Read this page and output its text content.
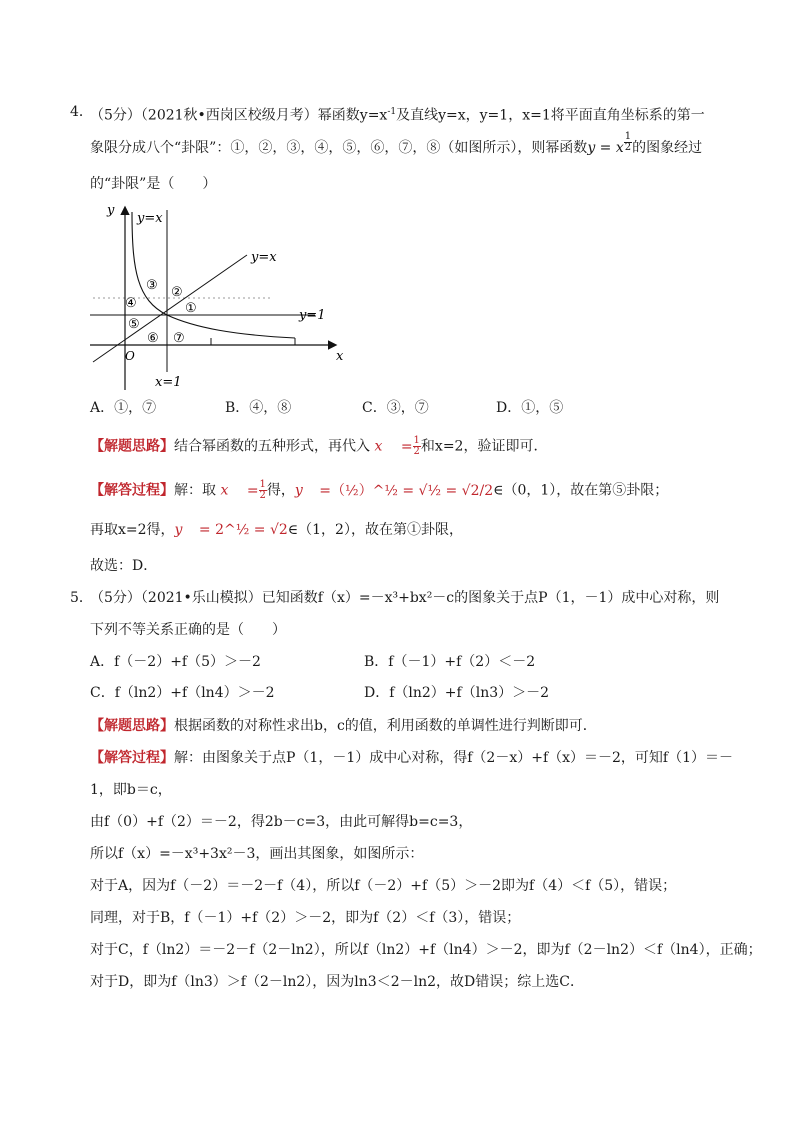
4．
（5分）（2021秋•西岗区校级月考）幂函数$y=x^{-1}$及直线y=x，y=1，x=1将平面直角坐标系的第一
象限分成八个“卦限”：①，②，③，④，⑤，⑥，⑦，⑧（如图所示），则幂函数y = x $\frac{1}{2}$ 的图象经过
的“卦限”是（　　）
y
x
O
y=x
y=x
y=1
x=1
①
②
③
④
⑤
⑥ ⑦
A．①，⑦	B．④，⑧	C．③，⑦	D．①，⑤
【解题思路】结合幂函数的五种形式，再代入 $x = \frac{1}{2}$ 和x=2，验证即可．
【解答过程】解：取 $x = \frac{1}{2}$ 得，y =（½）^½ = √½ = √2/2∈（0，1），故在第⑤卦限；
再取x=2得，y = 2^½ = √2∈（1，2），故在第①卦限，
故选：D．
5．
（5分）（2021•乐山模拟）已知函数f（x）=－x³+bx²－c的图象关于点P（1，－1）成中心对称，则
下列不等关系正确的是（　　）
A．f（－2）+f（5）＞－2	B．f（－1）+f（2）＜－2
C．f（ln2）+f（ln4）＞－2	D．f（ln2）+f（ln3）＞－2
【解题思路】根据函数的对称性求出b，c的值，利用函数的单调性进行判断即可．
【解答过程】解：由图象关于点P（1，－1）成中心对称，得f（2－x）+f（x）＝－2，可知f（1）＝－
1，即b＝c，
由f（0）+f（2）＝－2，得2b－c=3，由此可解得b=c=3，
所以f（x）=－x³+3x²－3，画出其图象，如图所示：
对于A，因为f（－2）＝－2－f（4），所以f（－2）+f（5）＞－2即为f（4）＜f（5），错误；
同理，对于B，f（－1）+f（2）＞－2，即为f（2）＜f（3），错误；
对于C，f（ln2）＝－2－f（2－ln2），所以f（ln2）+f（ln4）＞－2，即为f（2－ln2）＜f（ln4），正确；
对于D，即为f（ln3）＞f（2－ln2），因为ln3＜2－ln2，故D错误；综上选C．
